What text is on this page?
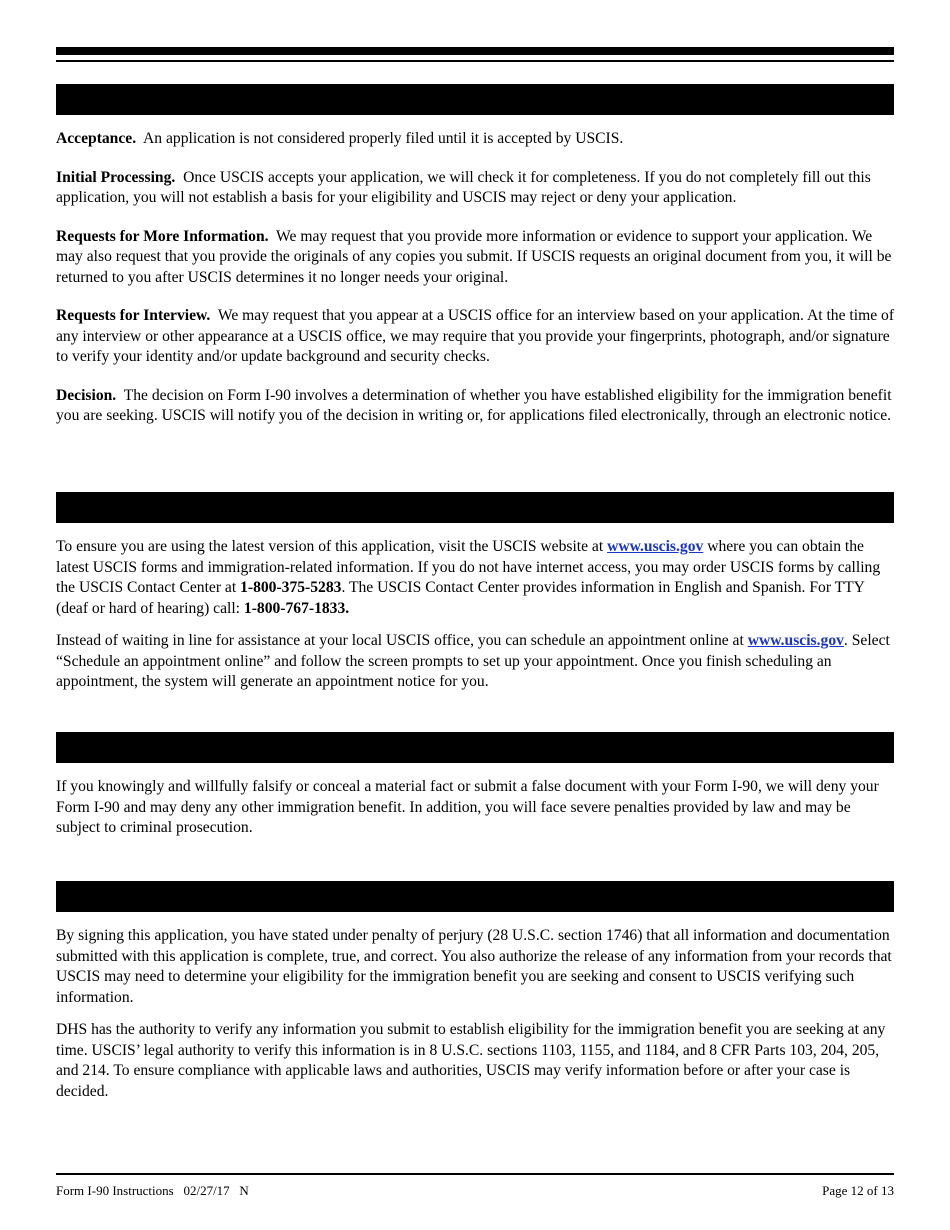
Acceptance. An application is not considered properly filed until it is accepted by USCIS.

Initial Processing. Once USCIS accepts your application, we will check it for completeness. If you do not completely fill out this application, you will not establish a basis for your eligibility and USCIS may reject or deny your application.

Requests for More Information. We may request that you provide more information or evidence to support your application. We may also request that you provide the originals of any copies you submit. If USCIS requests an original document from you, it will be returned to you after USCIS determines it no longer needs your original.

Requests for Interview. We may request that you appear at a USCIS office for an interview based on your application. At the time of any interview or other appearance at a USCIS office, we may require that you provide your fingerprints, photograph, and/or signature to verify your identity and/or update background and security checks.

Decision. The decision on Form I-90 involves a determination of whether you have established eligibility for the immigration benefit you are seeking. USCIS will notify you of the decision in writing or, for applications filed electronically, through an electronic notice.

To ensure you are using the latest version of this application, visit the USCIS website at www.uscis.gov where you can obtain the latest USCIS forms and immigration-related information. If you do not have internet access, you may order USCIS forms by calling the USCIS Contact Center at 1-800-375-5283. The USCIS Contact Center provides information in English and Spanish. For TTY (deaf or hard of hearing) call: 1-800-767-1833.

Instead of waiting in line for assistance at your local USCIS office, you can schedule an appointment online at www.uscis.gov. Select “Schedule an appointment online” and follow the screen prompts to set up your appointment. Once you finish scheduling an appointment, the system will generate an appointment notice for you.

If you knowingly and willfully falsify or conceal a material fact or submit a false document with your Form I-90, we will deny your Form I-90 and may deny any other immigration benefit. In addition, you will face severe penalties provided by law and may be subject to criminal prosecution.

By signing this application, you have stated under penalty of perjury (28 U.S.C. section 1746) that all information and documentation submitted with this application is complete, true, and correct. You also authorize the release of any information from your records that USCIS may need to determine your eligibility for the immigration benefit you are seeking and consent to USCIS verifying such information.

DHS has the authority to verify any information you submit to establish eligibility for the immigration benefit you are seeking at any time. USCIS’ legal authority to verify this information is in 8 U.S.C. sections 1103, 1155, and 1184, and 8 CFR Parts 103, 204, 205, and 214. To ensure compliance with applicable laws and authorities, USCIS may verify information before or after your case is decided.

Form I-90 Instructions   02/27/17   N	Page 12 of 13
